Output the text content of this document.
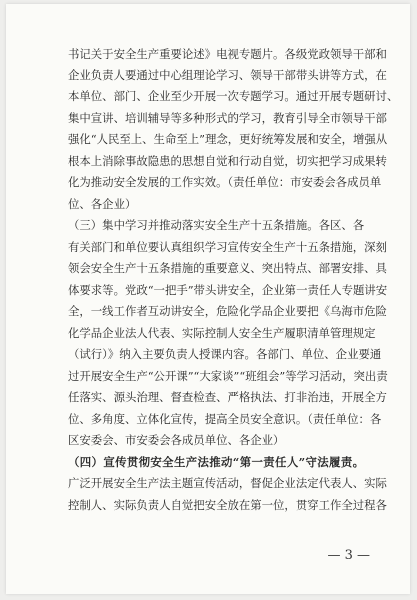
书记关于安全生产重要论述》电视专题片。各级党政领导干部和
企业负责人要通过中心组理论学习、领导干部带头讲等方式，在
本单位、部门、企业至少开展一次专题学习。通过开展专题研讨、
集中宣讲、培训辅导等多种形式的学习，教育引导全市领导干部
强化“人民至上、生命至上”理念，更好统筹发展和安全，增强从
根本上消除事故隐患的思想自觉和行动自觉，切实把学习成果转
化为推动安全发展的工作实效。（责任单位：市安委会各成员单
位、各企业）
（三）集中学习并推动落实安全生产十五条措施。各区、各
有关部门和单位要认真组织学习宣传安全生产十五条措施，深刻
领会安全生产十五条措施的重要意义、突出特点、部署安排、具
体要求等。党政“一把手”带头讲安全，企业第一责任人专题讲安
全，一线工作者互动讲安全，危险化学品企业要把《乌海市危险
化学品企业法人代表、实际控制人安全生产履职清单管理规定
（试行）》纳入主要负责人授课内容。各部门、单位、企业要通
过开展安全生产“公开课”“大家谈”“班组会”等学习活动，突出责
任落实、源头治理、督查检查、严格执法、打非治违，开展全方
位、多角度、立体化宣传，提高全员安全意识。（责任单位：各
区安委会、市安委会各成员单位、各企业）
（四）宣传贯彻安全生产法推动“第一责任人”守法履责。
广泛开展安全生产法主题宣传活动，督促企业法定代表人、实际
控制人、实际负责人自觉把安全放在第一位，贯穿工作全过程各
— 3 —
